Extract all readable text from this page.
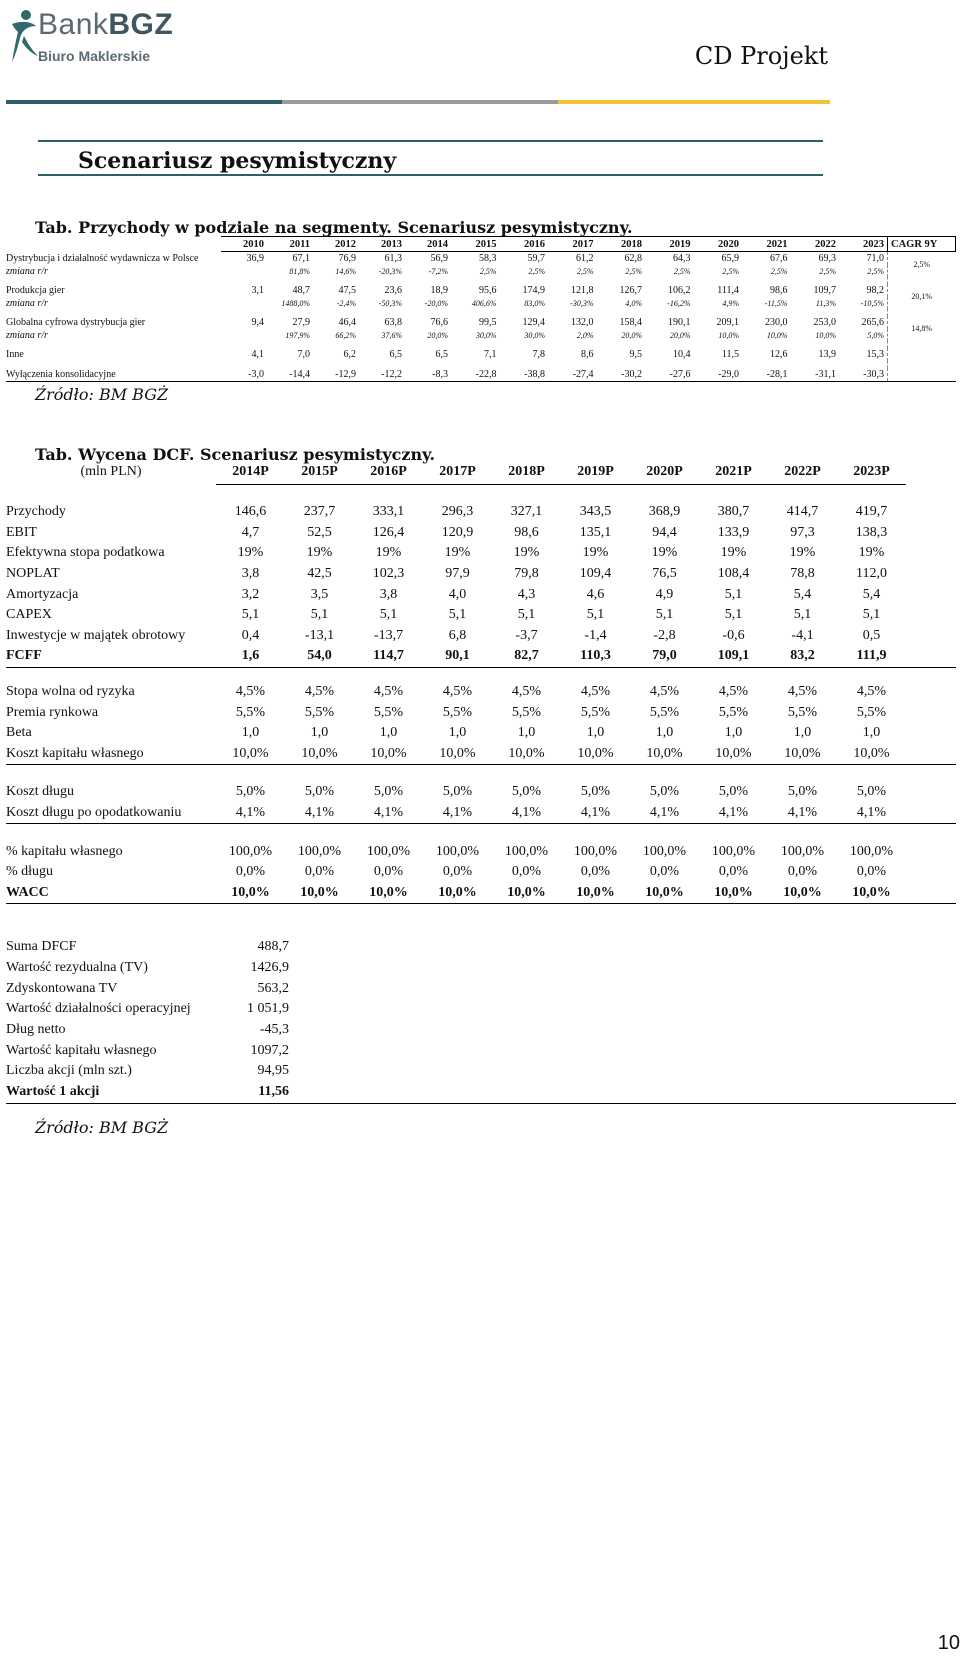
BankBGZ
Biuro Maklerskie	CD Projekt
Scenariusz pesymistyczny
Tab. Przychody w podziale na segmenty. Scenariusz pesymistyczny.
	2010	2011	2012	2013	2014	2015	2016	2017	2018	2019	2020	2021	2022	2023	CAGR 9Y
Dystrybucja i działalność wydawnicza w Polsce	36,9	67,1	76,9	61,3	56,9	58,3	59,7	61,2	62,8	64,3	65,9	67,6	69,3	71,0	2,5%
zmiana r/r		81,8%	14,6%	-20,3%	-7,2%	2,5%	2,5%	2,5%	2,5%	2,5%	2,5%	2,5%	2,5%	2,5%	

Produkcja gier	3,1	48,7	47,5	23,6	18,9	95,6	174,9	121,8	126,7	106,2	111,4	98,6	109,7	98,2	20,1%
zmiana r/r		1488,0%	-2,4%	-50,3%	-20,0%	406,6%	83,0%	-30,3%	4,0%	-16,2%	4,9%	-11,5%	11,3%	-10,5%	

Globalna cyfrowa dystrybucja gier	9,4	27,9	46,4	63,8	76,6	99,5	129,4	132,0	158,4	190,1	209,1	230,0	253,0	265,6	14,8%
zmiana r/r		197,9%	66,2%	37,6%	20,0%	30,0%	30,0%	2,0%	20,0%	20,0%	10,0%	10,0%	10,0%	5,0%	

Inne	4,1	7,0	6,2	6,5	6,5	7,1	7,8	8,6	9,5	10,4	11,5	12,6	13,9	15,3	

Wyłączenia konsolidacyjne	-3,0	-14,4	-12,9	-12,2	-8,3	-22,8	-38,8	-27,4	-30,2	-27,6	-29,0	-28,1	-31,1	-30,3	
Źródło: BM BGŻ
Tab. Wycena DCF. Scenariusz pesymistyczny.
(mln PLN)	2014P	2015P	2016P	2017P	2018P	2019P	2020P	2021P	2022P	2023P	

Przychody	146,6	237,7	333,1	296,3	327,1	343,5	368,9	380,7	414,7	419,7	
EBIT	4,7	52,5	126,4	120,9	98,6	135,1	94,4	133,9	97,3	138,3	
Efektywna stopa podatkowa	19%	19%	19%	19%	19%	19%	19%	19%	19%	19%	
NOPLAT	3,8	42,5	102,3	97,9	79,8	109,4	76,5	108,4	78,8	112,0	
Amortyzacja	3,2	3,5	3,8	4,0	4,3	4,6	4,9	5,1	5,4	5,4	
CAPEX	5,1	5,1	5,1	5,1	5,1	5,1	5,1	5,1	5,1	5,1	
Inwestycje w majątek obrotowy	0,4	-13,1	-13,7	6,8	-3,7	-1,4	-2,8	-0,6	-4,1	0,5	
FCFF	1,6	54,0	114,7	90,1	82,7	110,3	79,0	109,1	83,2	111,9	

Stopa wolna od ryzyka	4,5%	4,5%	4,5%	4,5%	4,5%	4,5%	4,5%	4,5%	4,5%	4,5%	
Premia rynkowa	5,5%	5,5%	5,5%	5,5%	5,5%	5,5%	5,5%	5,5%	5,5%	5,5%	
Beta	1,0	1,0	1,0	1,0	1,0	1,0	1,0	1,0	1,0	1,0	
Koszt kapitału własnego	10,0%	10,0%	10,0%	10,0%	10,0%	10,0%	10,0%	10,0%	10,0%	10,0%	

Koszt długu	5,0%	5,0%	5,0%	5,0%	5,0%	5,0%	5,0%	5,0%	5,0%	5,0%	
Koszt długu po opodatkowaniu	4,1%	4,1%	4,1%	4,1%	4,1%	4,1%	4,1%	4,1%	4,1%	4,1%	

% kapitału własnego	100,0%	100,0%	100,0%	100,0%	100,0%	100,0%	100,0%	100,0%	100,0%	100,0%	
% długu	0,0%	0,0%	0,0%	0,0%	0,0%	0,0%	0,0%	0,0%	0,0%	0,0%	
WACC	10,0%	10,0%	10,0%	10,0%	10,0%	10,0%	10,0%	10,0%	10,0%	10,0%	
Suma DFCF	488,7	
Wartość rezydualna (TV)	1426,9	
Zdyskontowana TV	563,2	
Wartość działalności operacyjnej	1 051,9	
Dług netto	-45,3	
Wartość kapitału własnego	1097,2	
Liczba akcji (mln szt.)	94,95	
Wartość 1 akcji	11,56	
Źródło: BM BGŻ
10
